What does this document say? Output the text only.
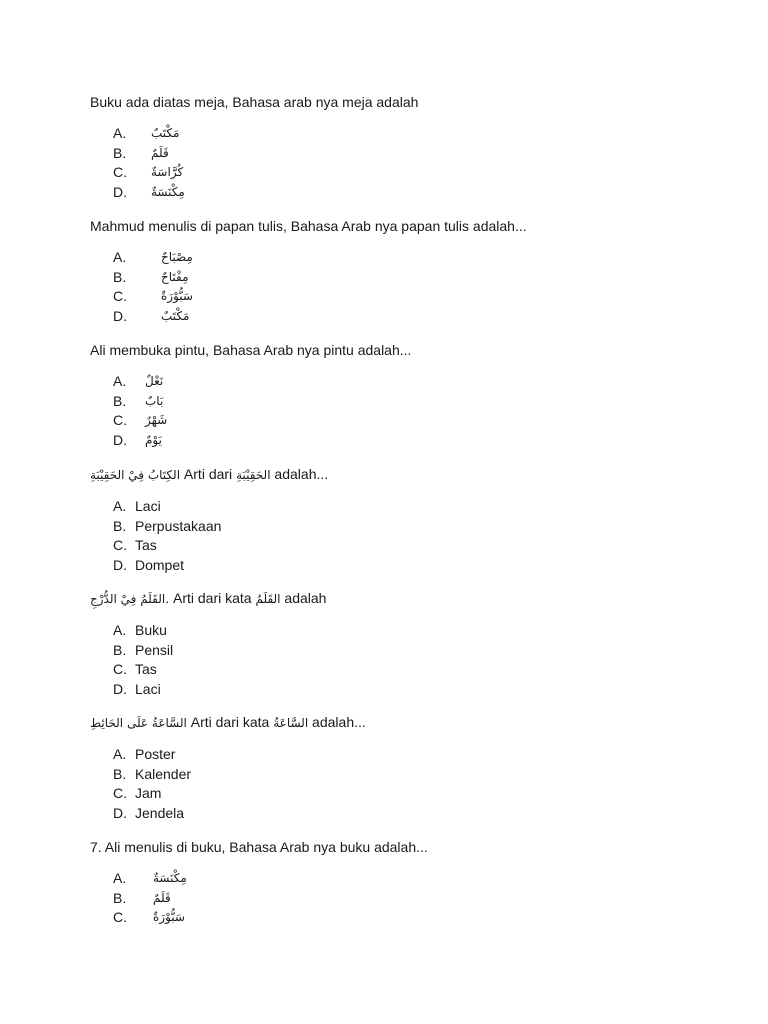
Buku ada diatas meja, Bahasa arab nya meja adalah
A. مَكْتَبٌ
B. قَلَمٌ
C. كُرَّاسَةٌ
D. مِكْنَسَةٌ
Mahmud menulis di papan tulis, Bahasa Arab nya papan tulis adalah...
A.	مِصْبَاحٌ
B.	مِفْتَاحٌ
C.	سَبُّوْرَةٌ
D.	مَكْتَبٌ
Ali membuka pintu, Bahasa Arab nya pintu adalah...
A. نَعْلٌ
B. بَابٌ
C. شَهْرٌ
D. يَوْمٌ
الكِتَابُ فِيْ الحَقِيْبَةِ Arti dari الحَقِيْبَةِ adalah...
A. Laci
B. Perpustakaan
C. Tas
D. Dompet
القَلَمُ فِيْ الدُّرْجِ. Arti dari kata القَلَمُ adalah
A. Buku
B. Pensil
C. Tas
D. Laci
السَّاعَةُ عَلَى الحَائِطِ Arti dari kata السَّاعَةُ adalah...
A. Poster
B. Kalender
C. Jam
D. Jendela
7. Ali menulis di buku, Bahasa Arab nya buku adalah...
A. مِكْنَسَةٌ
B. قَلَمٌ
C. سَبُّوْرَةٌ
